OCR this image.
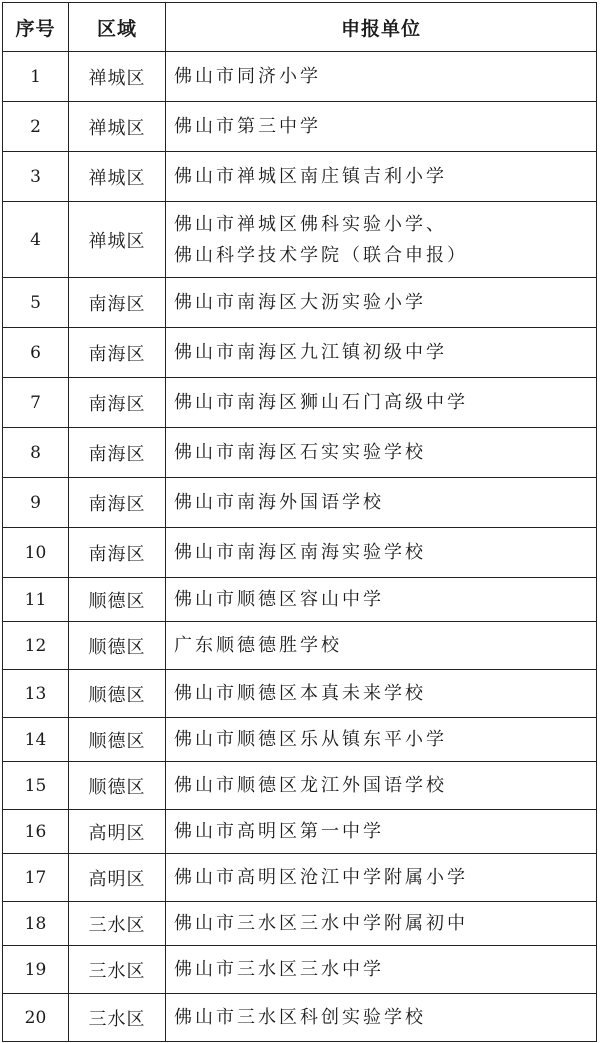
序号	区域	申报单位
1	禅城区	佛山市同济小学

2	禅城区	佛山市第三中学

3	禅城区	佛山市禅城区南庄镇吉利小学

4	禅城区	佛山市禅城区佛科实验小学、
佛山科学技术学院（联合申报）

5	南海区	佛山市南海区大沥实验小学

6	南海区	佛山市南海区九江镇初级中学

7	南海区	佛山市南海区狮山石门高级中学

8	南海区	佛山市南海区石实实验学校

9	南海区	佛山市南海外国语学校

10	南海区	佛山市南海区南海实验学校

11	顺德区	佛山市顺德区容山中学

12	顺德区	广东顺德德胜学校

13	顺德区	佛山市顺德区本真未来学校

14	顺德区	佛山市顺德区乐从镇东平小学

15	顺德区	佛山市顺德区龙江外国语学校

16	高明区	佛山市高明区第一中学

17	高明区	佛山市高明区沧江中学附属小学

18	三水区	佛山市三水区三水中学附属初中

19	三水区	佛山市三水区三水中学

20	三水区	佛山市三水区科创实验学校
